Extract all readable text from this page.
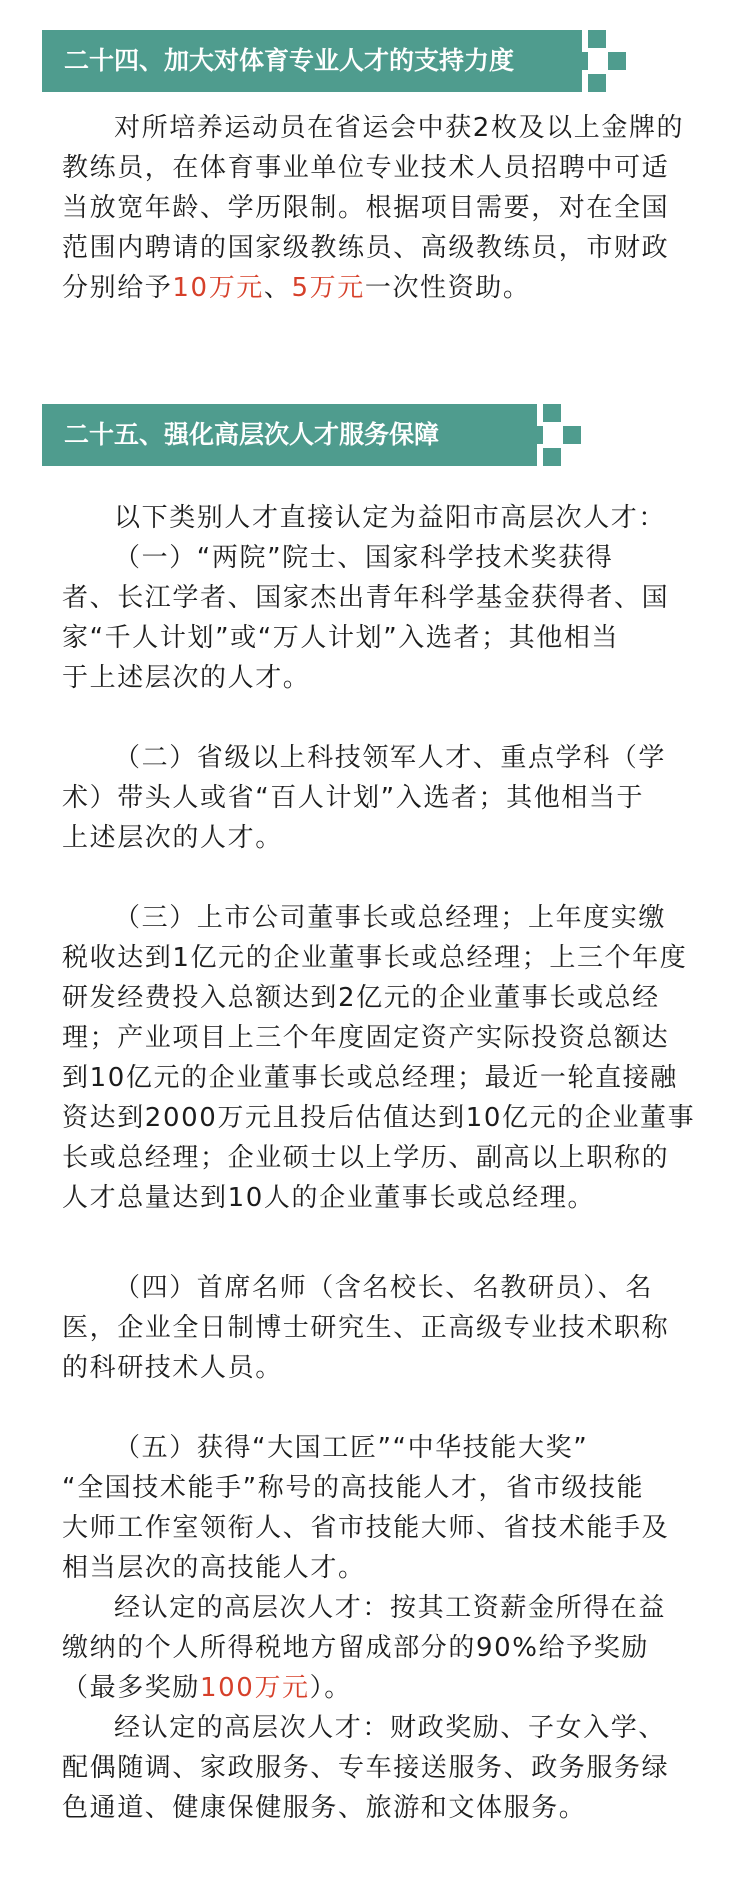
二十四、加大对体育专业人才的支持力度
对所培养运动员在省运会中获2枚及以上金牌的
教练员，在体育事业单位专业技术人员招聘中可适
当放宽年龄、学历限制。根据项目需要，对在全国
范围内聘请的国家级教练员、高级教练员，市财政
分别给予10万元、5万元一次性资助。
二十五、强化高层次人才服务保障
以下类别人才直接认定为益阳市高层次人才：
（一）“两院”院士、国家科学技术奖获得
者、长江学者、国家杰出青年科学基金获得者、国
家“千人计划”或“万人计划”入选者；其他相当
于上述层次的人才。
（二）省级以上科技领军人才、重点学科（学
术）带头人或省“百人计划”入选者；其他相当于
上述层次的人才。
（三）上市公司董事长或总经理；上年度实缴
税收达到1亿元的企业董事长或总经理；上三个年度
研发经费投入总额达到2亿元的企业董事长或总经
理；产业项目上三个年度固定资产实际投资总额达
到10亿元的企业董事长或总经理；最近一轮直接融
资达到2000万元且投后估值达到10亿元的企业董事
长或总经理；企业硕士以上学历、副高以上职称的
人才总量达到10人的企业董事长或总经理。
（四）首席名师（含名校长、名教研员）、名
医，企业全日制博士研究生、正高级专业技术职称
的科研技术人员。
（五）获得“大国工匠”“中华技能大奖”
“全国技术能手”称号的高技能人才，省市级技能
大师工作室领衔人、省市技能大师、省技术能手及
相当层次的高技能人才。
经认定的高层次人才：按其工资薪金所得在益
缴纳的个人所得税地方留成部分的90%给予奖励
（最多奖励100万元）。
经认定的高层次人才：财政奖励、子女入学、
配偶随调、家政服务、专车接送服务、政务服务绿
色通道、健康保健服务、旅游和文体服务。
